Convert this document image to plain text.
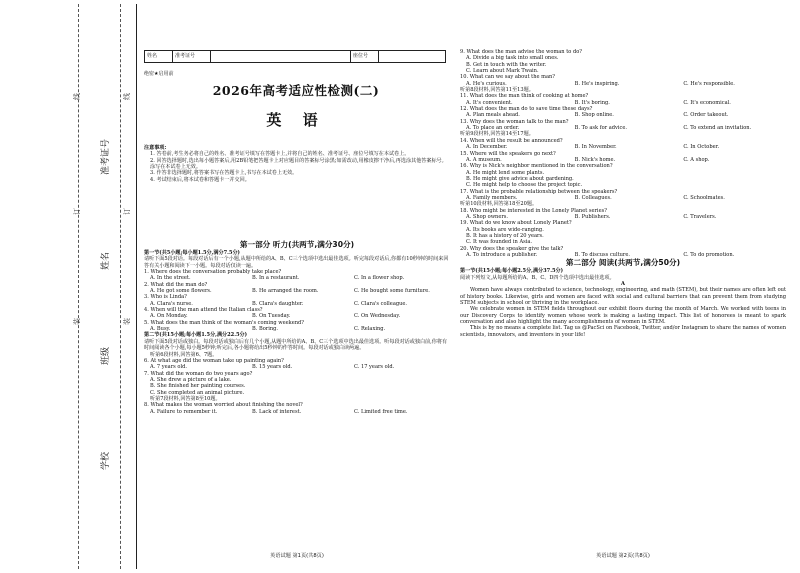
线
订
装
线
订
装
准考证号
姓名
班级
学校
姓名	准考证号	座位号
绝密★启用前
2026年高考适应性检测(二)
英 语
注意事项:
1. 答卷前,考生务必将自己的姓名、准考证号填写在答题卡上,并将自己的姓名、准考证号、座位号填写在本试卷上。
2. 回答选择题时,选出每小题答案后,用2B铅笔把答题卡上对应题目的答案标号涂黑;如需改动,用橡皮擦干净后,再选涂其他答案标号。涂写在本试卷上无效。
3. 作答非选择题时,将答案书写在答题卡上,书写在本试卷上无效。
4. 考试结束后,将本试卷和答题卡一并交回。
第一部分 听力(共两节,满分30分)
第一节(共5小题;每小题1.5分,满分7.5分)
请听下面5段对话。每段对话后有一个小题,从题中所给的A、B、C三个选项中选出最佳选项。听完每段对话后,你都有10秒钟的时间来回答有关小题和阅读下一小题。每段对话仅读一遍。
1. Where does the conversation probably take place?
A. In the street.	B. In a restaurant.	C. In a flower shop.
2. What did the man do?
A. He got some flowers.	B. He arranged the room.	C. He bought some furniture.
3. Who is Linda?
A. Clara's nurse.	B. Clara's daughter.	C. Clara's colleague.
4. When will the man attend the Italian class?
A. On Monday.	B. On Tuesday.	C. On Wednesday.
5. What does the man think of the woman's coming weekend?
A. Busy.	B. Boring.	C. Relaxing.
第二节(共15小题;每小题1.5分,满分22.5分)
请听下面5段对话或独白。每段对话或独白后有几个小题,从题中所给的A、B、C三个选项中选出最佳选项。听每段对话或独白前,你将有时间阅读各个小题,每小题5秒钟;听完后,各小题将给出5秒钟的作答时间。每段对话或独白读两遍。
听第6段材料,回答第6、7题。
6. At what age did the woman take up painting again?
A. 7 years old.	B. 15 years old.	C. 17 years old.
7. What did the woman do two years ago?
A. She drew a picture of a lake.
B. She finished her painting courses.
C. She completed an animal picture.
听第7段材料,回答第8至10题。
8. What makes the woman worried about finishing the novel?
A. Failure to remember it.	B. Lack of interest.	C. Limited free time.
英语试题 第1页(共8页)
9. What does the man advise the woman to do?
A. Divide a big task into small ones.
B. Get in touch with the writer.
C. Learn about Mark Twain.
10. What can we say about the man?
A. He's curious.	B. He's inspiring.	C. He's responsible.
听第8段材料,回答第11至13题。
11. What does the man think of cooking at home?
A. It's convenient.	B. It's boring.	C. It's economical.
12. What does the man do to save time these days?
A. Plan meals ahead.	B. Shop online.	C. Order takeout.
13. Why does the woman talk to the man?
A. To place an order.	B. To ask for advice.	C. To extend an invitation.
听第9段材料,回答第14至17题。
14. When will the result be announced?
A. In December.	B. In November.	C. In October.
15. Where will the speakers go next?
A. A museum.	B. Nick's home.	C. A shop.
16. Why is Nick's neighbor mentioned in the conversation?
A. He might lend some plants.
B. He might give advice about gardening.
C. He might help to choose the project topic.
17. What is the probable relationship between the speakers?
A. Family members.	B. Colleagues.	C. Schoolmates.
听第10段材料,回答第18至20题。
18. Who might be interested in the Lonely Planet series?
A. Shop owners.	B. Publishers.	C. Travelers.
19. What do we know about Lonely Planet?
A. Its books are wide-ranging.
B. It has a history of 20 years.
C. It was founded in Asia.
20. Why does the speaker give the talk?
A. To introduce a publisher.	B. To discuss culture.	C. To do promotion.
第二部分 阅读(共两节,满分50分)
第一节(共15小题;每小题2.5分,满分37.5分)
阅读下列短文,从每题所给的A、B、C、D四个选项中选出最佳选项。
A
Women have always contributed to science, technology, engineering, and math (STEM), but their names are often left out of history books. Likewise, girls and women are faced with social and cultural barriers that can prevent them from studying STEM subjects in school or thriving in the workplace.
We celebrate women in STEM fields throughout our exhibit floors during the month of March. We worked with teens in our Discovery Corps to identify women whose work is making a lasting impact. This list of honorees is meant to spark conversation and also highlight the many accomplishments of women in STEM.
This is by no means a complete list. Tag us @PacSci on Facebook, Twitter, and/or Instagram to share the names of women scientists, innovators, and inventors in your life!
英语试题 第2页(共8页)
